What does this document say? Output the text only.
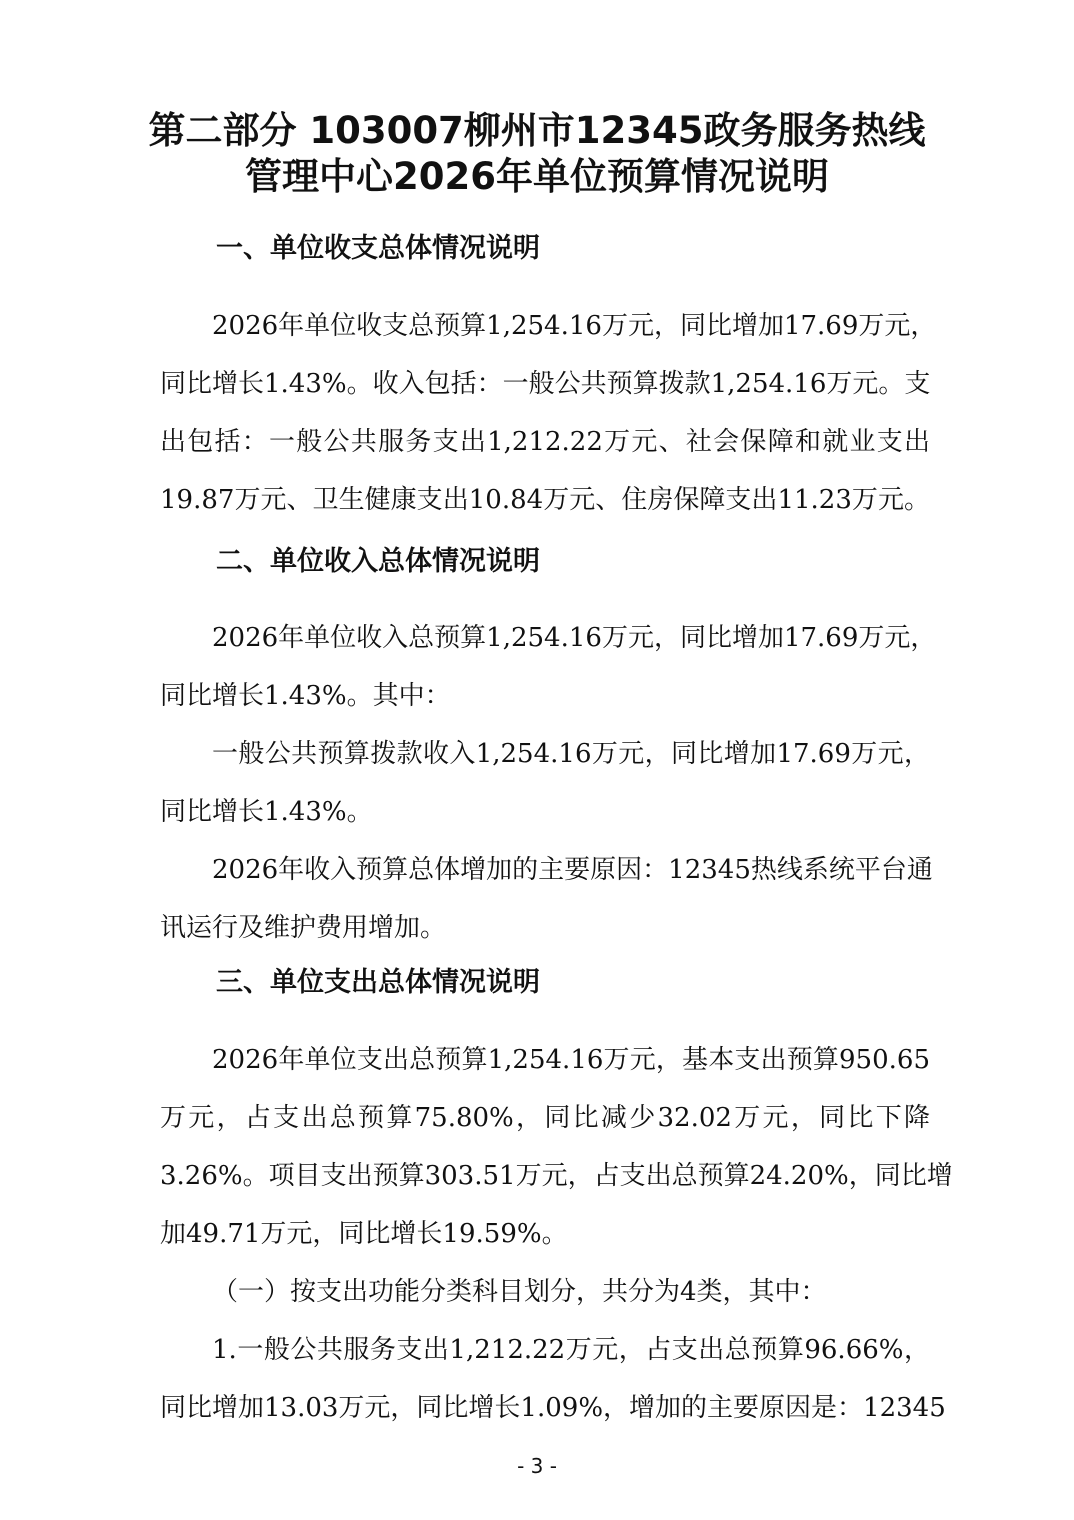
第二部分 103007柳州市12345政务服务热线
管理中心2026年单位预算情况说明
一、单位收支总体情况说明
2026年单位收支总预算1,254.16万元，同比增加17.69万元，
同比增长1.43%。收入包括：一般公共预算拨款1,254.16万元。支
出包括：一般公共服务支出1,212.22万元、社会保障和就业支出
19.87万元、卫生健康支出10.84万元、住房保障支出11.23万元。
二、单位收入总体情况说明
2026年单位收入总预算1,254.16万元，同比增加17.69万元，
同比增长1.43%。其中：
一般公共预算拨款收入1,254.16万元，同比增加17.69万元，
同比增长1.43%。
2026年收入预算总体增加的主要原因：12345热线系统平台通
讯运行及维护费用增加。
三、单位支出总体情况说明
2026年单位支出总预算1,254.16万元，基本支出预算950.65
万元，占支出总预算75.80%，同比减少32.02万元，同比下降
3.26%。项目支出预算303.51万元，占支出总预算24.20%，同比增
加49.71万元，同比增长19.59%。
（一）按支出功能分类科目划分，共分为4类，其中：
1.一般公共服务支出1,212.22万元，占支出总预算96.66%，
同比增加13.03万元，同比增长1.09%，增加的主要原因是：12345
- 3 -
